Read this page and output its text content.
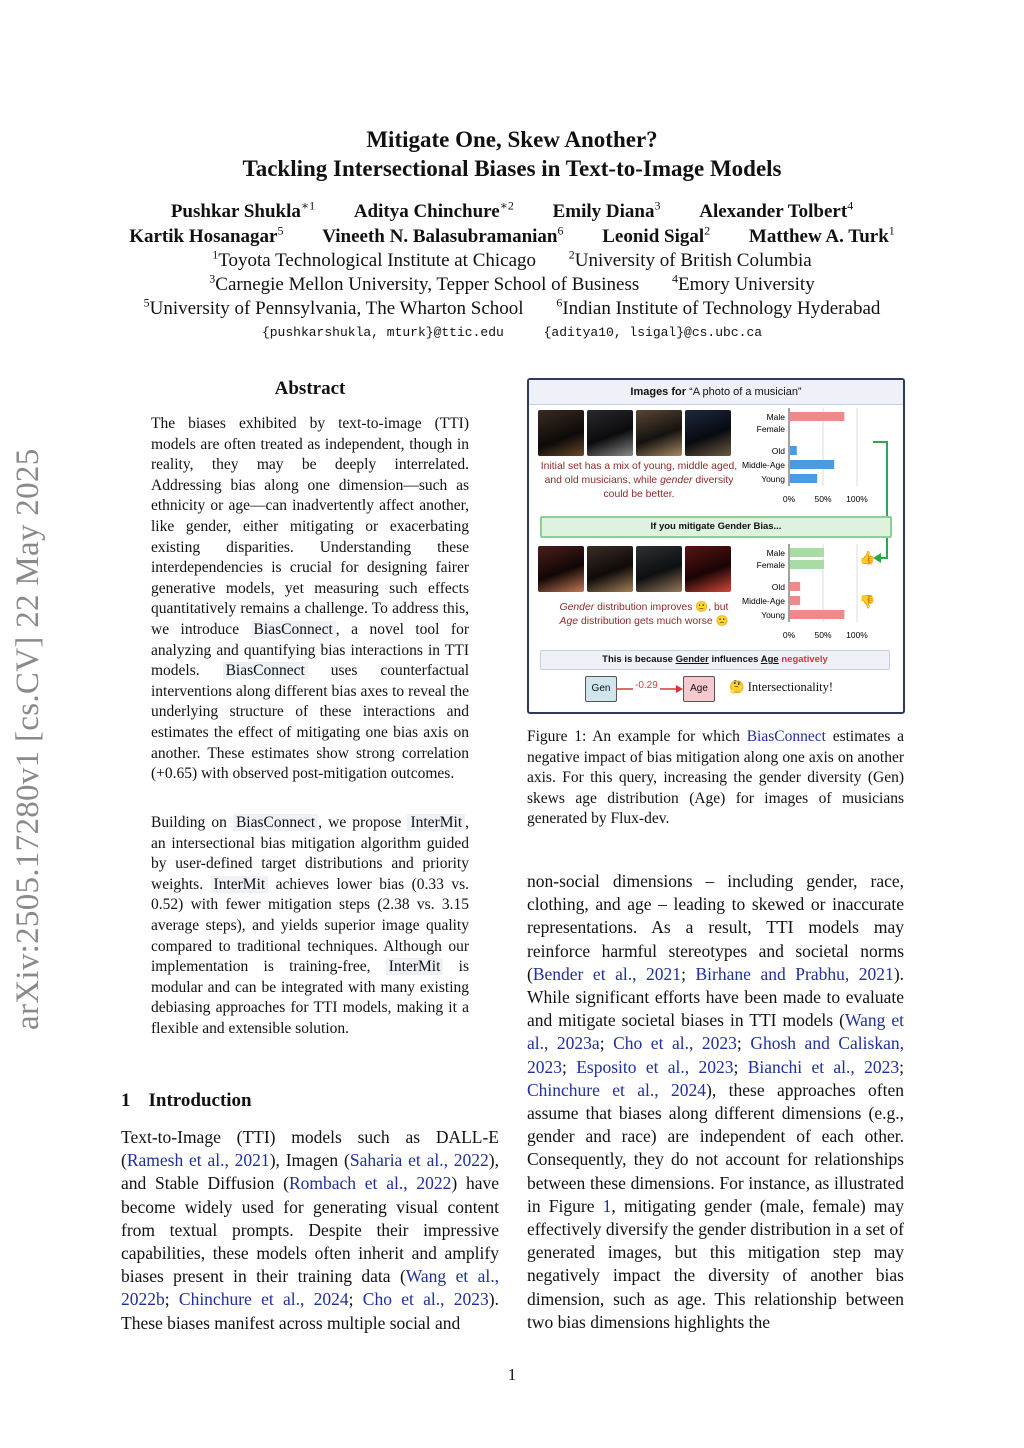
arXiv:2505.17280v1 [cs.CV] 22 May 2025
Mitigate One, Skew Another?
Tackling Intersectional Biases in Text-to-Image Models
Pushkar Shukla$^{∗1}$ Aditya Chinchure$^{∗2}$ Emily Diana$^3$ Alexander Tolbert$^4$
Kartik Hosanagar$^5$ Vineeth N. Balasubramanian$^6$ Leonid Sigal$^2$ Matthew A. Turk$^1$
$^1$Toyota Technological Institute at Chicago	$^2$University of British Columbia
$^3$Carnegie Mellon University, Tepper School of Business	$^4$Emory University
$^5$University of Pennsylvania, The Wharton School	$^6$Indian Institute of Technology Hyderabad
{pushkarshukla, mturk}@ttic.edu	{aditya10, lsigal}@cs.ubc.ca
Abstract
The biases exhibited by text-to-image (TTI) models are often treated as independent, though in reality, they may be deeply interrelated. Addressing bias along one dimension—such as ethnicity or age—can inadvertently affect another, like gender, either mitigating or exacerbating existing disparities. Understanding these interdependencies is crucial for designing fairer generative models, yet measuring such effects quantitatively remains a challenge. To address this, we introduce BiasConnect , a novel tool for analyzing and quantifying bias interactions in TTI models. BiasConnect uses counterfactual interventions along different bias axes to reveal the underlying structure of these interactions and estimates the effect of mitigating one bias axis on another. These estimates show strong correlation (+0.65) with observed post-mitigation outcomes.
Building on BiasConnect , we propose InterMit , an intersectional bias mitigation algorithm guided by user-defined target distributions and priority weights. InterMit achieves lower bias (0.33 vs. 0.52) with fewer mitigation steps (2.38 vs. 3.15 average steps), and yields superior image quality compared to traditional techniques. Although our implementation is training-free, InterMit is modular and can be integrated with many existing debiasing approaches for TTI models, making it a flexible and extensible solution.
1 Introduction
Text-to-Image (TTI) models such as DALL-E (Ramesh et al., 2021), Imagen (Saharia et al., 2022), and Stable Diffusion (Rombach et al., 2022) have become widely used for generating visual content from textual prompts. Despite their impressive capabilities, these models often inherit and amplify biases present in their training data (Wang et al., 2022b; Chinchure et al., 2024; Cho et al., 2023). These biases manifest across multiple social and
Images for “A photo of a musician”
Initial set has a mix of young, middle aged, and old musicians, while gender diversity could be better.
Male
Female
Old
Middle-Age
Young
0% 50% 100%
If you mitigate Gender Bias...
Gender distribution improves 🙂, but
Age distribution gets much worse 🙁
Male
Female
Old
Middle-Age
Young
0% 50% 100%
👍
👎
This is because Gender influences Age negatively
Gen	-0.29	Age	🤔 Intersectionality!
Figure 1: An example for which BiasConnect estimates a negative impact of bias mitigation along one axis on another axis. For this query, increasing the gender diversity (Gen) skews age distribution (Age) for images of musicians generated by Flux-dev.
non-social dimensions – including gender, race, clothing, and age – leading to skewed or inaccurate representations. As a result, TTI models may reinforce harmful stereotypes and societal norms (Bender et al., 2021; Birhane and Prabhu, 2021). While significant efforts have been made to evaluate and mitigate societal biases in TTI models (Wang et al., 2023a; Cho et al., 2023; Ghosh and Caliskan, 2023; Esposito et al., 2023; Bianchi et al., 2023; Chinchure et al., 2024), these approaches often assume that biases along different dimensions (e.g., gender and race) are independent of each other. Consequently, they do not account for relationships between these dimensions. For instance, as illustrated in Figure 1, mitigating gender (male, female) may effectively diversify the gender distribution in a set of generated images, but this mitigation step may negatively impact the diversity of another bias dimension, such as age. This relationship between two bias dimensions highlights the
1
